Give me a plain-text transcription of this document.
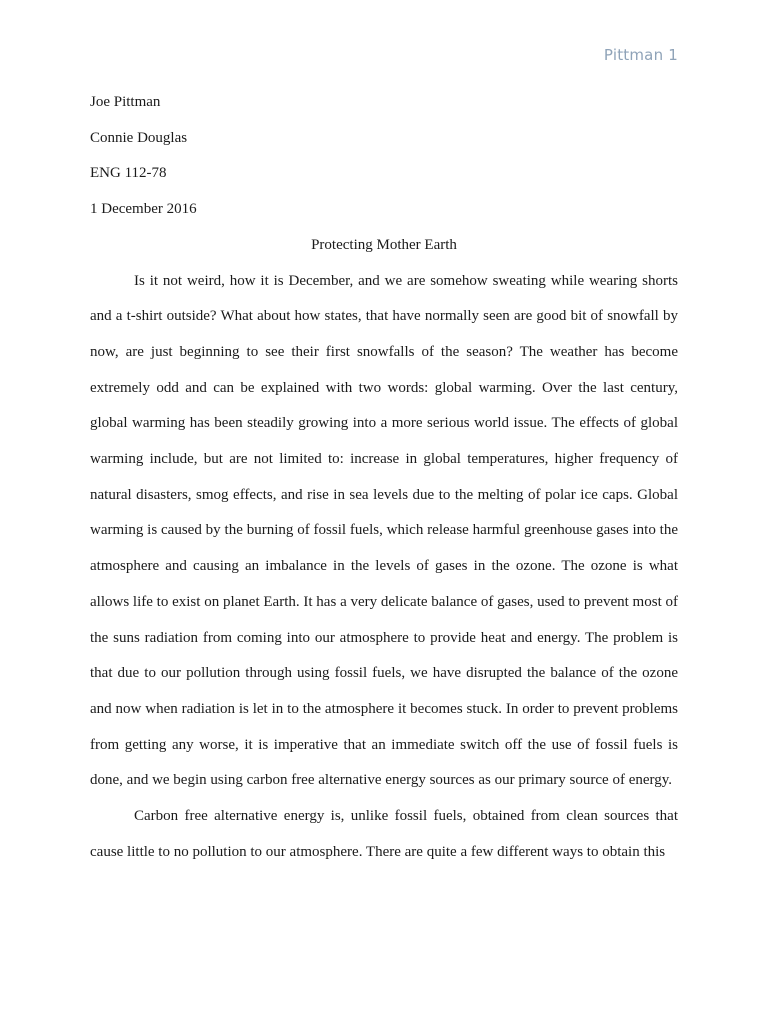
Pittman 1

Joe Pittman

Connie Douglas

ENG 112-78

1 December 2016

Protecting Mother Earth

Is it not weird, how it is December, and we are somehow sweating while wearing shorts and a t-shirt outside? What about how states, that have normally seen are good bit of snowfall by now, are just beginning to see their first snowfalls of the season? The weather has become extremely odd and can be explained with two words: global warming. Over the last century, global warming has been steadily growing into a more serious world issue. The effects of global warming include, but are not limited to: increase in global temperatures, higher frequency of natural disasters, smog effects, and rise in sea levels due to the melting of polar ice caps. Global warming is caused by the burning of fossil fuels, which release harmful greenhouse gases into the atmosphere and causing an imbalance in the levels of gases in the ozone. The ozone is what allows life to exist on planet Earth. It has a very delicate balance of gases, used to prevent most of the suns radiation from coming into our atmosphere to provide heat and energy. The problem is that due to our pollution through using fossil fuels, we have disrupted the balance of the ozone and now when radiation is let in to the atmosphere it becomes stuck. In order to prevent problems from getting any worse, it is imperative that an immediate switch off the use of fossil fuels is done, and we begin using carbon free alternative energy sources as our primary source of energy.

Carbon free alternative energy is, unlike fossil fuels, obtained from clean sources that cause little to no pollution to our atmosphere. There are quite a few different ways to obtain this
